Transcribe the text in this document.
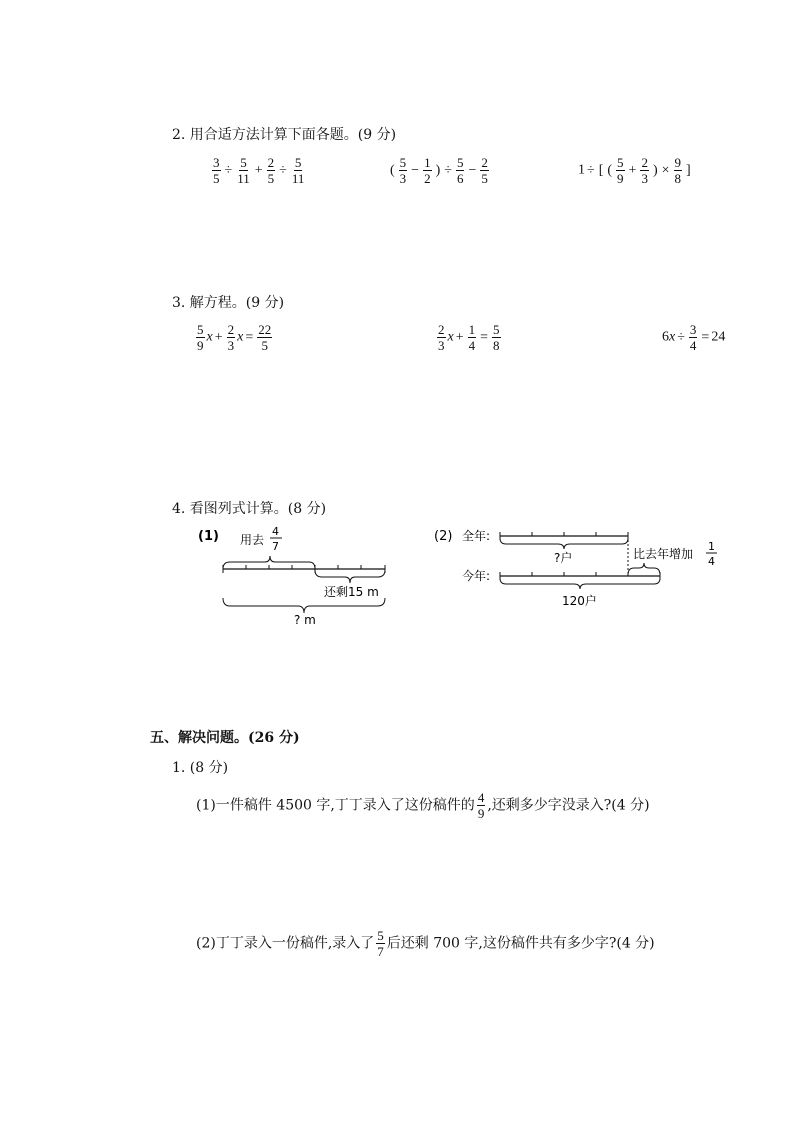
2. 用合适方法计算下面各题。(9 分)
$\frac{3}{5} \div \frac{5}{11} + \frac{2}{5} \div \frac{5}{11}$	( $\frac{5}{3} - \frac{1}{2}$ ) ÷ $\frac{5}{6} - \frac{2}{5}$	1 ÷ [ ( $\frac{5}{9} + \frac{2}{3}$ ) × $\frac{9}{8}$ ]
3. 解方程。(9 分)
$\frac{5}{9}$ $x + \frac{2}{3}$ $x = \frac{22}{5}$	$\frac{2}{3}$ $x + \frac{1}{4} = \frac{5}{8}$	$6x \div \frac{3}{4} = 24$
4. 看图列式计算。(8 分)
(1) 用去
4
7
还剩15 m
? m
(2) 全年:
?户	比去年增加
1
4
今年:
120户
五、解决问题。(26 分)
1. (8 分)
(1)一件稿件 4500 字,丁丁录入了这份稿件的 $\frac{4}{9}$ ,还剩多少字没录入?(4 分)
(2)丁丁录入一份稿件,录入了 $\frac{5}{7}$ 后还剩 700 字,这份稿件共有多少字?(4 分)
